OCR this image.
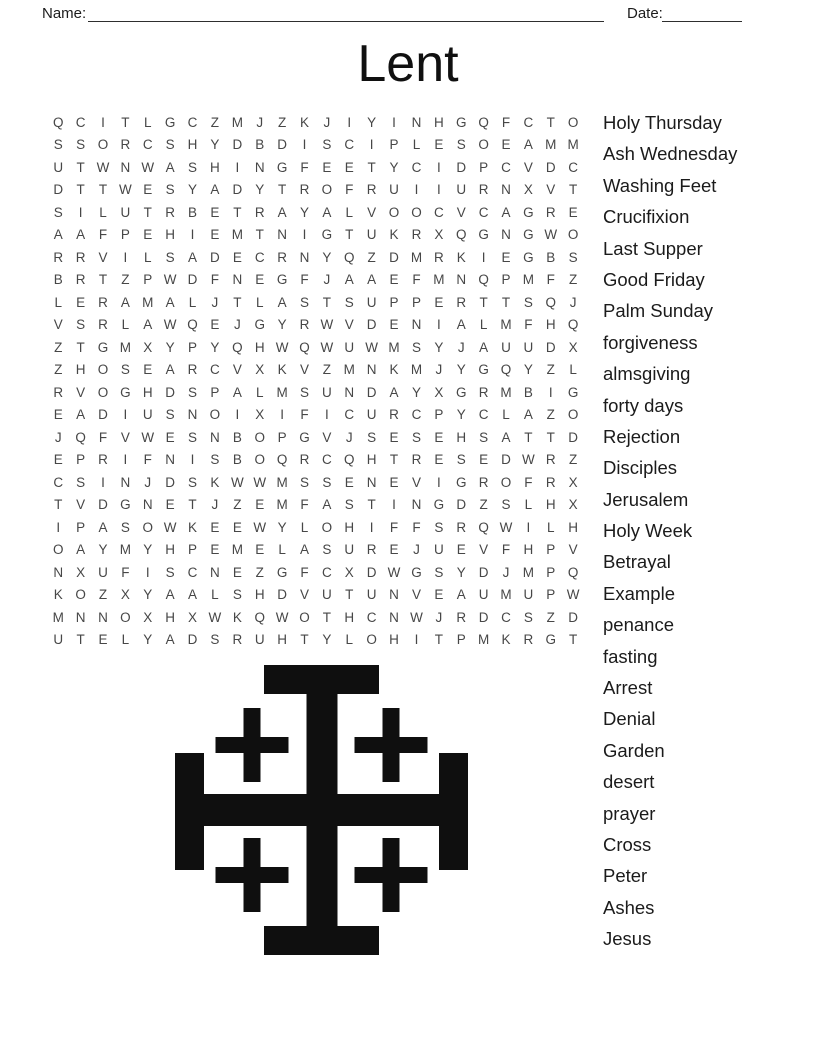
Name:	Date:
Lent
Q C	I	T	L G C Z M J	Z	K	J	I	Y	I	N H G Q F C T O
S S O R C S H Y D B D	I	S C	I	P	L	E S O E A M M
U T W N W A S H	I	N G F	E E	T	Y C	I	D P C V D C
D T	T W E S Y A D Y	T R O F R U	I	I	U R N X V	T
S	I	L	U T R B E	T R A Y A	L	V O O C V C A G R E
A A	F	P E H	I	E M T N	I	G T U K R X Q G N G W O
R R V	I	L	S A D E C R N Y Q Z D M R K	I	E G B S
B R T	Z	P W D F N E G F	J	A A E	F M N Q P M F	Z
L	E R A M A	L	J	T	L	A S	T	S U P P E R T	T	S Q	J
V S R	L	A W Q E	J	G Y R W V D E N	I	A	L M F H Q
Z	T G M X Y P Y Q H W Q W U W M S Y	J	A U U D X
Z H O S E A R C V X K V	Z M N K M J	Y G Q Y	Z	L
R V O G H D S P A	L M S U N D A Y X G R M B	I	G
E A D	I	U S N O	I	X	I	F	I	C U R C P Y C	L	A	Z O
J	Q F	V W E S N B O P G V	J	S E S E H S A	T	T D
E P R	I	F N	I	S B O Q R C Q H T R E S E D W R Z
C S	I	N	J	D S K W W M S S E N E V	I	G R O F R X
T	V D G N E	T	J	Z	E M F	A S	T	I	N G D Z	S	L	H X
I	P A S O W K E E W Y	L O H	I	F	F	S R Q W	I	L	H
O A Y M Y H P E M E	L	A S U R E	J	U E V	F H P V
N X U F	I	S C N E	Z G F C X D W G S Y D	J M P Q
K O Z	X Y A A	L	S H D V U T U N V E A U M U P W
M N N O X H X W K Q W O T H C N W J	R D C S	Z D
U T	E	L	Y A D S R U H T	Y	L O H	I	T	P M K R G T
Holy Thursday
Ash Wednesday
Washing Feet
Crucifixion
Last Supper
Good Friday
Palm Sunday
forgiveness
almsgiving
forty days
Rejection
Disciples
Jerusalem
Holy Week
Betrayal
Example
penance
fasting
Arrest
Denial
Garden
desert
prayer
Cross
Peter
Ashes
Jesus
